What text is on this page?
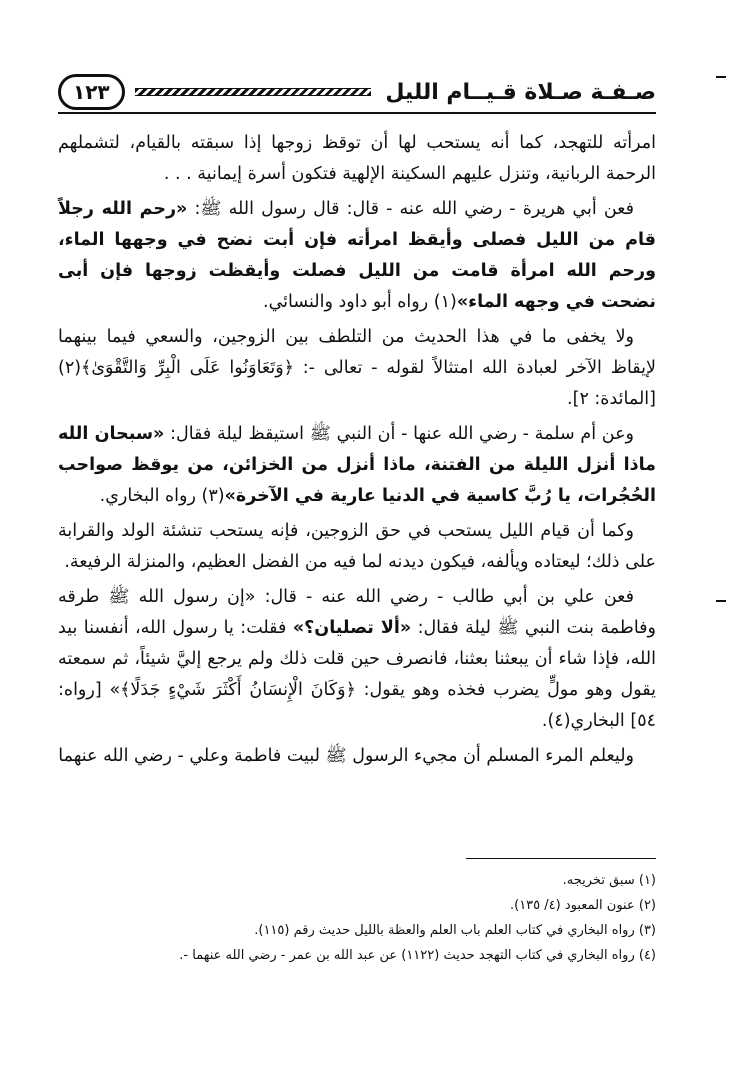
صـفـة صـلاة قـيــام الليل
١٢٣

امرأته للتهجد، كما أنه يستحب لها أن توقظ زوجها إذا سبقته بالقيام، لتشملهم الرحمة الربانية، وتنزل عليهم السكينة الإلهية فتكون أسرة إيمانية . . .

فعن أبي هريرة - رضي الله عنه - قال: قال رسول الله ﷺ: «رحم الله رجلاً قام من الليل فصلى وأيقظ امرأته فإن أبت نضح في وجهها الماء، ورحم الله امرأة قامت من الليل فصلت وأيقظت زوجها فإن أبى نضحت في وجهه الماء»(١) رواه أبو داود والنسائي.

ولا يخفى ما في هذا الحديث من التلطف بين الزوجين، والسعي فيما بينهما لإيقاظ الآخر لعبادة الله امتثالاً لقوله - تعالى -: ﴿وَتَعَاوَنُوا عَلَى الْبِرِّ وَالتَّقْوَىٰ﴾(٢) [المائدة: ٢].

وعن أم سلمة - رضي الله عنها - أن النبي ﷺ استيقظ ليلة فقال: «سبحان الله ماذا أنزل الليلة من الفتنة، ماذا أنزل من الخزائن، من يوقظ صواحب الحُجُرات، يا رُبَّ كاسية في الدنيا عارية في الآخرة»(٣) رواه البخاري.

وكما أن قيام الليل يستحب في حق الزوجين، فإنه يستحب تنشئة الولد والقرابة على ذلك؛ ليعتاده ويألفه، فيكون ديدنه لما فيه من الفضل العظيم، والمنزلة الرفيعة.

فعن علي بن أبي طالب - رضي الله عنه - قال: «إن رسول الله ﷺ طرقه وفاطمة بنت النبي ﷺ ليلة فقال: «ألا تصليان؟» فقلت: يا رسول الله، أنفسنا بيد الله، فإذا شاء أن يبعثنا بعثنا، فانصرف حين قلت ذلك ولم يرجع إليَّ شيئاً، ثم سمعته يقول وهو مولٍّ يضرب فخذه وهو يقول: ﴿وَكَانَ الْإِنسَانُ أَكْثَرَ شَيْءٍ جَدَلًا﴾» [رواه: ٥٤] البخاري(٤).

وليعلم المرء المسلم أن مجيء الرسول ﷺ لبيت فاطمة وعلي - رضي الله عنهما

(١) سبق تخريجه.

(٢) عنون المعبود (٤/ ١٣٥).

(٣) رواه البخاري في كتاب العلم باب العلم والعظة بالليل حديث رقم (١١٥).

(٤) رواه البخاري في كتاب التهجد حديث (١١٢٢) عن عبد الله بن عمر - رضي الله عنهما -.
